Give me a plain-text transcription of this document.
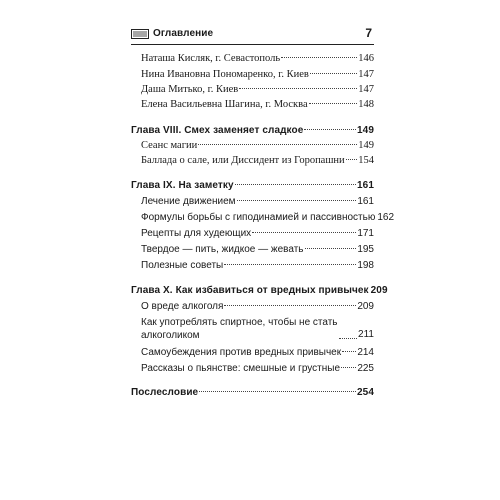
Оглавление	7
Наташа Кисляк, г. Севастополь	146
Нина Ивановна Пономаренко, г. Киев	147
Даша Митько, г. Киев	147
Елена Васильевна Шагина, г. Москва	148
Глава VIII. Смех заменяет сладкое	149
Сеанс магии	149
Баллада о сале, или Диссидент из Горопашни 154
Глава IX. На заметку	161
Лечение движением	161
Формулы борьбы с гиподинамией и пассивностью 162
Рецепты для худеющих	171
Твердое — пить, жидкое — жевать	195
Полезные советы	198
Глава X. Как избавиться от вредных привычек 209
О вреде алкоголя	209
Как употреблять спиртное, чтобы не стать
алкоголиком	211
Самоубеждения против вредных привычек 214
Рассказы о пьянстве: смешные и грустные 225
Послесловие	254
